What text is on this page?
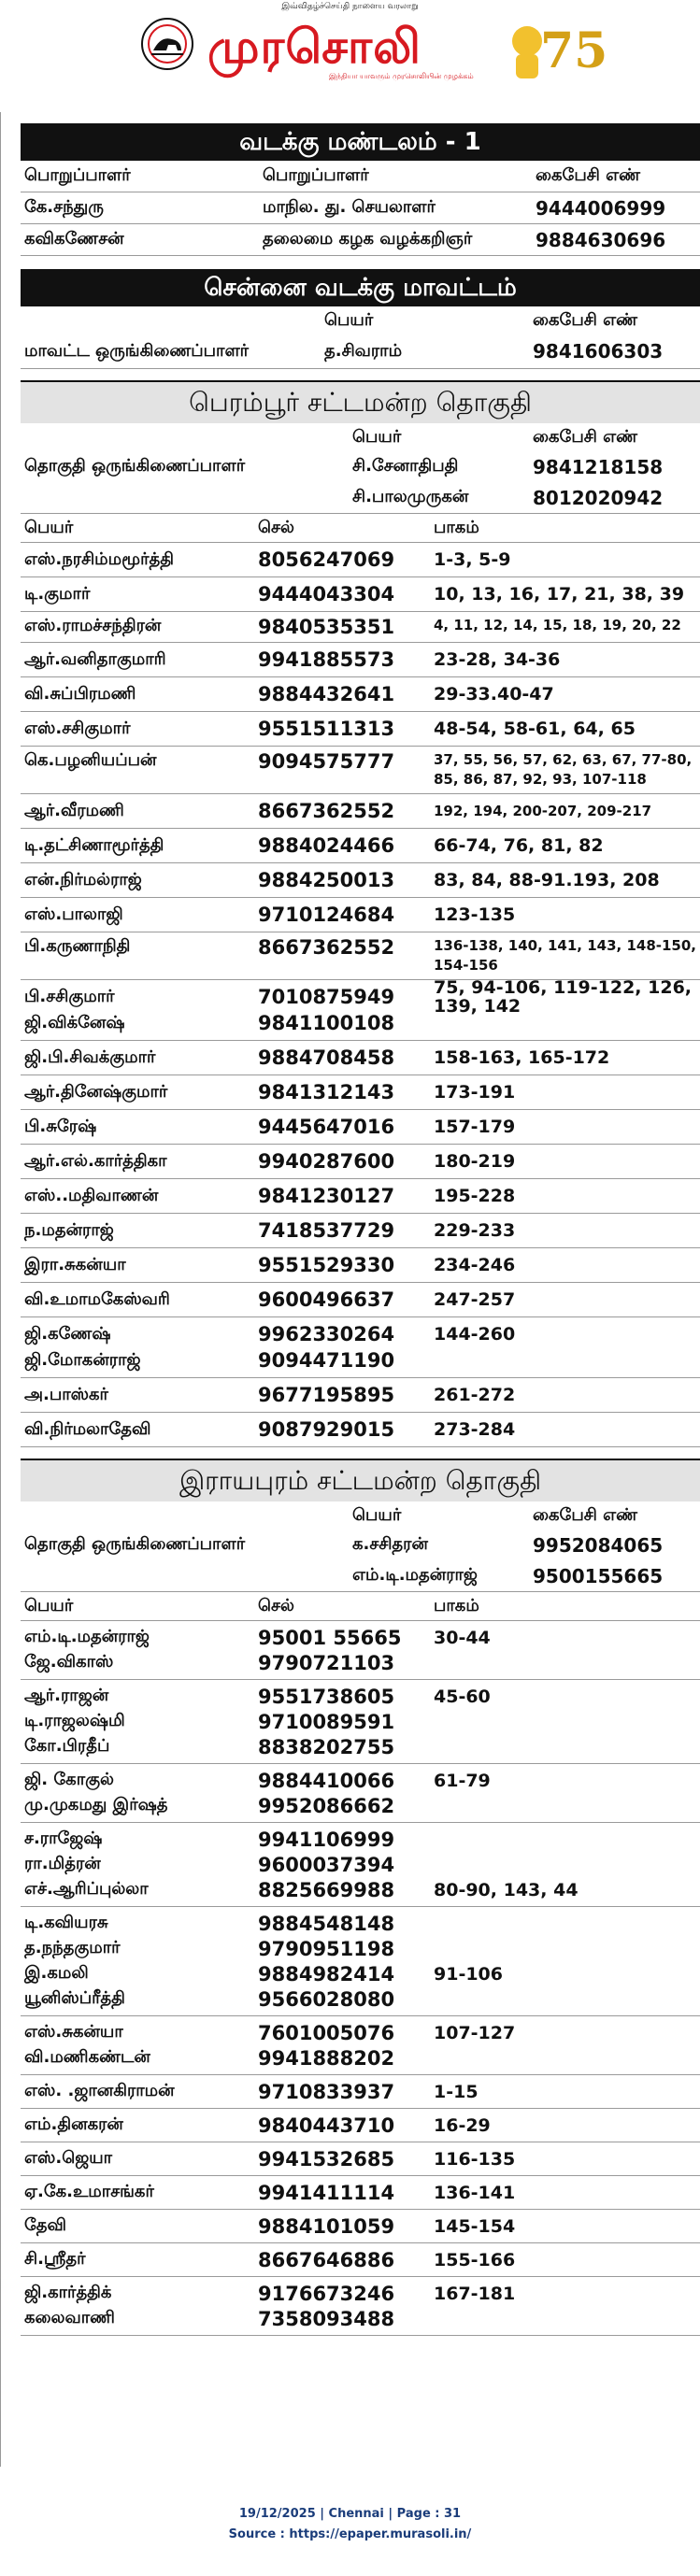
இவ்விதழ்ச்செய்தி நாளைய வரலாறு
முரசொலி
இந்தியா யாவரும் முரசொலியின் முழக்கம் 75
வடக்கு மண்டலம் - 1
பொறுப்பாளர்	பொறுப்பாளர்	கைபேசி எண்
கே.சந்துரு	மாநில. து. செயலாளர்	9444006999
கவிகணேசன்	தலைமை கழக வழக்கறிஞர்	9884630696
சென்னை வடக்கு மாவட்டம்
பெயர்	கைபேசி எண்
மாவட்ட ஒருங்கிணைப்பாளர்	த.சிவராம்	9841606303
பெரம்பூர் சட்டமன்ற தொகுதி
பெயர்	கைபேசி எண்
தொகுதி ஒருங்கிணைப்பாளர்	சி.சேனாதிபதி	9841218158
சி.பாலமுருகன்	8012020942
பெயர்	செல்	பாகம்
எஸ்.நரசிம்மமூர்த்தி	8056247069	1-3, 5-9
டி.குமார்	9444043304	10, 13, 16, 17, 21, 38, 39
எஸ்.ராமச்சந்திரன்	9840535351	4, 11, 12, 14, 15, 18, 19, 20, 22
ஆர்.வனிதாகுமாரி	9941885573	23-28, 34-36
வி.சுப்பிரமணி	9884432641	29-33.40-47
எஸ்.சசிகுமார்	9551511313	48-54, 58-61, 64, 65
கெ.பழனியப்பன்	9094575777	37, 55, 56, 57, 62, 63, 67, 77-80, 85, 86, 87, 92, 93, 107-118
ஆர்.வீரமணி	8667362552	192, 194, 200-207, 209-217
டி.தட்சிணாமூர்த்தி	9884024466	66-74, 76, 81, 82
என்.நிர்மல்ராஜ்	9884250013	83, 84, 88-91.193, 208
எஸ்.பாலாஜி	9710124684	123-135
பி.கருணாநிதி	8667362552	136-138, 140, 141, 143, 148-150, 154-156
பி.சசிகுமார்	7010875949	75, 94-106, 119-122, 126, 139, 142
ஜி.விக்னேஷ்	9841100108
ஜி.பி.சிவக்குமார்	9884708458	158-163, 165-172
ஆர்.தினேஷ்குமார்	9841312143	173-191
பி.சுரேஷ்	9445647016	157-179
ஆர்.எல்.கார்த்திகா	9940287600	180-219
எஸ்..மதிவாணன்	9841230127	195-228
ந.மதன்ராஜ்	7418537729	229-233
இரா.சுகன்யா	9551529330	234-246
வி.உமாமகேஸ்வரி	9600496637	247-257
ஜி.கணேஷ்	9962330264	144-260
ஜி.மோகன்ராஜ்	9094471190
அ.பாஸ்கர்	9677195895	261-272
வி.நிர்மலாதேவி	9087929015	273-284
இராயபுரம் சட்டமன்ற தொகுதி
பெயர்	கைபேசி எண்
தொகுதி ஒருங்கிணைப்பாளர்	க.சசிதரன்	9952084065
எம்.டி.மதன்ராஜ்	9500155665
பெயர்	செல்	பாகம்
எம்.டி.மதன்ராஜ்	95001 55665	30-44
ஜே.விகாஸ்	9790721103
ஆர்.ராஜன்	9551738605	45-60
டி.ராஜலஷ்மி	9710089591
கோ.பிரதீப்	8838202755
ஜி. கோகுல்	9884410066	61-79
மு.முகமது இர்ஷத்	9952086662
ச.ராஜேஷ்	9941106999
ரா.மித்ரன்	9600037394
எச்.ஆரிப்புல்லா	8825669988	80-90, 143, 44
டி.கவியரசு	9884548148
த.நந்தகுமார்	9790951198
இ.கமலி	9884982414	91-106
யூனிஸ்ப்ரீத்தி	9566028080
எஸ்.சுகன்யா	7601005076	107-127
வி.மணிகண்டன்	9941888202
எஸ். .ஜானகிராமன்	9710833937	1-15
எம்.தினகரன்	9840443710	16-29
எஸ்.ஜெயா	9941532685	116-135
ஏ.கே.உமாசங்கர்	9941411114	136-141
தேவி	9884101059	145-154
சி.ஸ்ரீதர்	8667646886	155-166
ஜி.கார்த்திக்	9176673246	167-181
கலைவாணி	7358093488
19/12/2025 | Chennai | Page : 31
Source : https://epaper.murasoli.in/
